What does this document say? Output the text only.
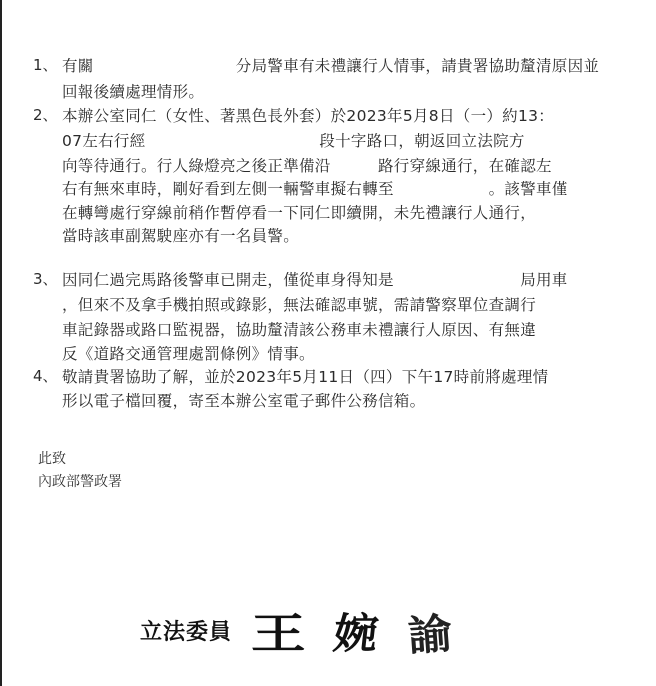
1、 有關　　　　　　　　　分局警車有未禮讓行人情事，請貴署協助釐清原因並
回報後續處理情形。
2、 本辦公室同仁（女性、著黑色長外套）於2023年5月8日（一）約13：
07左右行經　　　　　　　　　　　段十字路口，朝返回立法院方
向等待通行。行人綠燈亮之後正準備沿　　　路行穿線通行，在確認左
右有無來車時，剛好看到左側一輛警車擬右轉至　　　　　　。該警車僅
在轉彎處行穿線前稍作暫停看一下同仁即續開，未先禮讓行人通行，
當時該車副駕駛座亦有一名員警。
3、 因同仁過完馬路後警車已開走，僅從車身得知是　　　　　　　　局用車
，但來不及拿手機拍照或錄影，無法確認車號，需請警察單位查調行
車記錄器或路口監視器，協助釐清該公務車未禮讓行人原因、有無違
反《道路交通管理處罰條例》情事。
4、 敬請貴署協助了解，並於2023年5月11日（四）下午17時前將處理情
形以電子檔回覆，寄至本辦公室電子郵件公務信箱。
此致
內政部警政署
立法委員 王婉諭
